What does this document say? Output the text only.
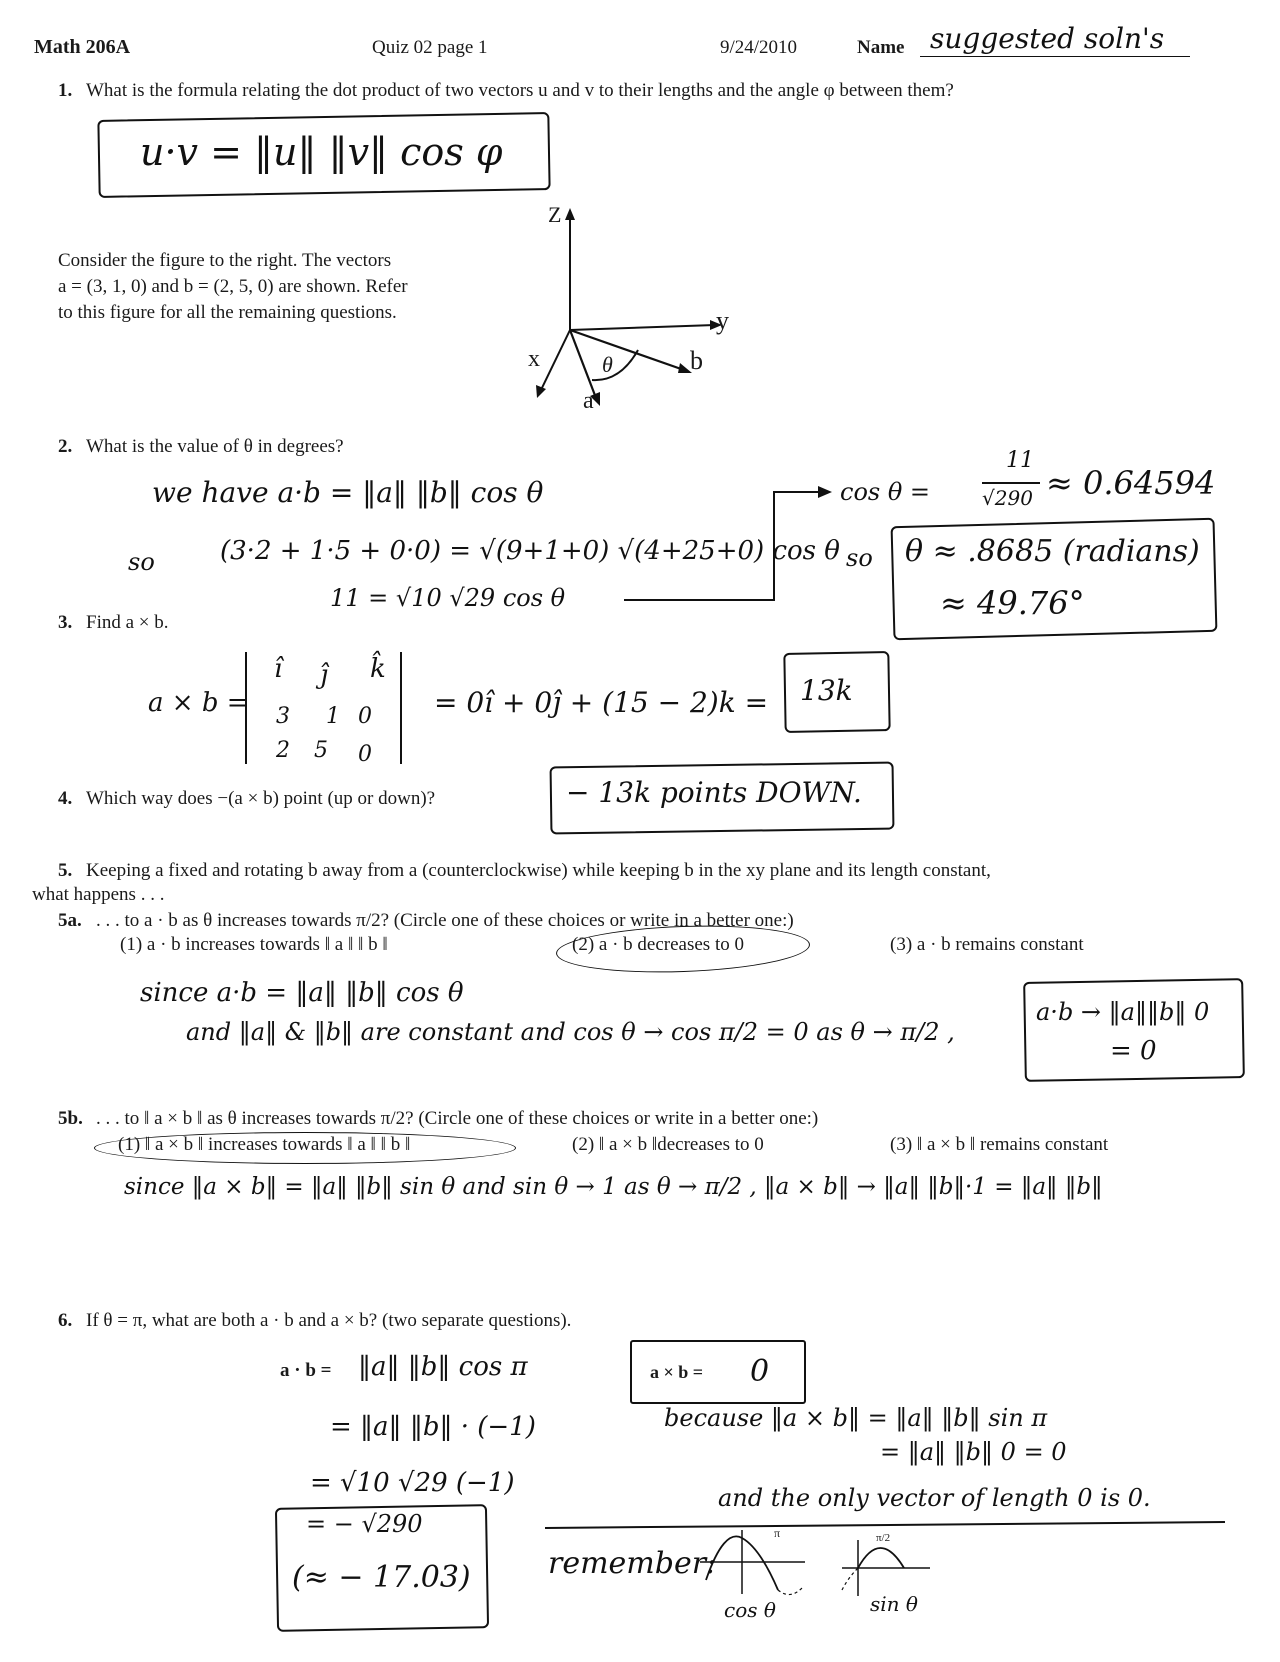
Math 206A	Quiz 02 page 1	9/24/2010	Name suggested soln's
1. What is the formula relating the dot product of two vectors u and v to their lengths and the angle φ between them?
u·v = ‖u‖ ‖v‖ cos φ
Consider the figure to the right. The vectors
a = (3, 1, 0) and b = (2, 5, 0) are shown. Refer
to this figure for all the remaining questions.
Z
y
x	θ
a
b
2. What is the value of θ in degrees?
we have a·b = ‖a‖ ‖b‖ cos θ
so	(3·2 + 1·5 + 0·0) = √(9+1+0) √(4+25+0) cos θ
11 = √10 √29 cos θ
cos θ =
11
√290 ≈ 0.64594
so θ ≈ .8685 (radians)
≈ 49.76°
3. Find a × b.
a × b =
î ĵ k̂
3 1 0
2 5 0
= 0î + 0ĵ + (15 − 2)k = 13k
4. Which way does −(a × b) point (up or down)?	− 13k points DOWN.
5. Keeping a fixed and rotating b away from a (counterclockwise) while keeping b in the xy plane and its length constant,
what happens . . .
5a. . . . to a · b as θ increases towards π/2? (Circle one of these choices or write in a better one:)
(1) a · b increases towards ‖ a ‖ ‖ b ‖	(2) a · b decreases to 0	(3) a · b remains constant
since a·b = ‖a‖ ‖b‖ cos θ
and ‖a‖ & ‖b‖ are constant and cos θ → cos π/2 = 0 as θ → π/2 ,
a·b → ‖a‖‖b‖ 0
= 0
5b. . . . to ‖ a × b ‖ as θ increases towards π/2? (Circle one of these choices or write in a better one:)
(1) ‖ a × b ‖ increases towards ‖ a ‖ ‖ b ‖	(2) ‖ a × b ‖decreases to 0	(3) ‖ a × b ‖ remains constant
since ‖a × b‖ = ‖a‖ ‖b‖ sin θ and sin θ → 1 as θ → π/2 , ‖a × b‖ → ‖a‖ ‖b‖·1 = ‖a‖ ‖b‖
6. If θ = π, what are both a · b and a × b? (two separate questions).
a · b = ‖a‖ ‖b‖ cos π
= ‖a‖ ‖b‖ · (−1)
= √10 √29 (−1)
= − √290
(≈ − 17.03)
a × b = 0
because ‖a × b‖ = ‖a‖ ‖b‖ sin π
= ‖a‖ ‖b‖ 0 = 0
and the only vector of length 0 is 0.
remember:
π	π/2
cos θ	sin θ
